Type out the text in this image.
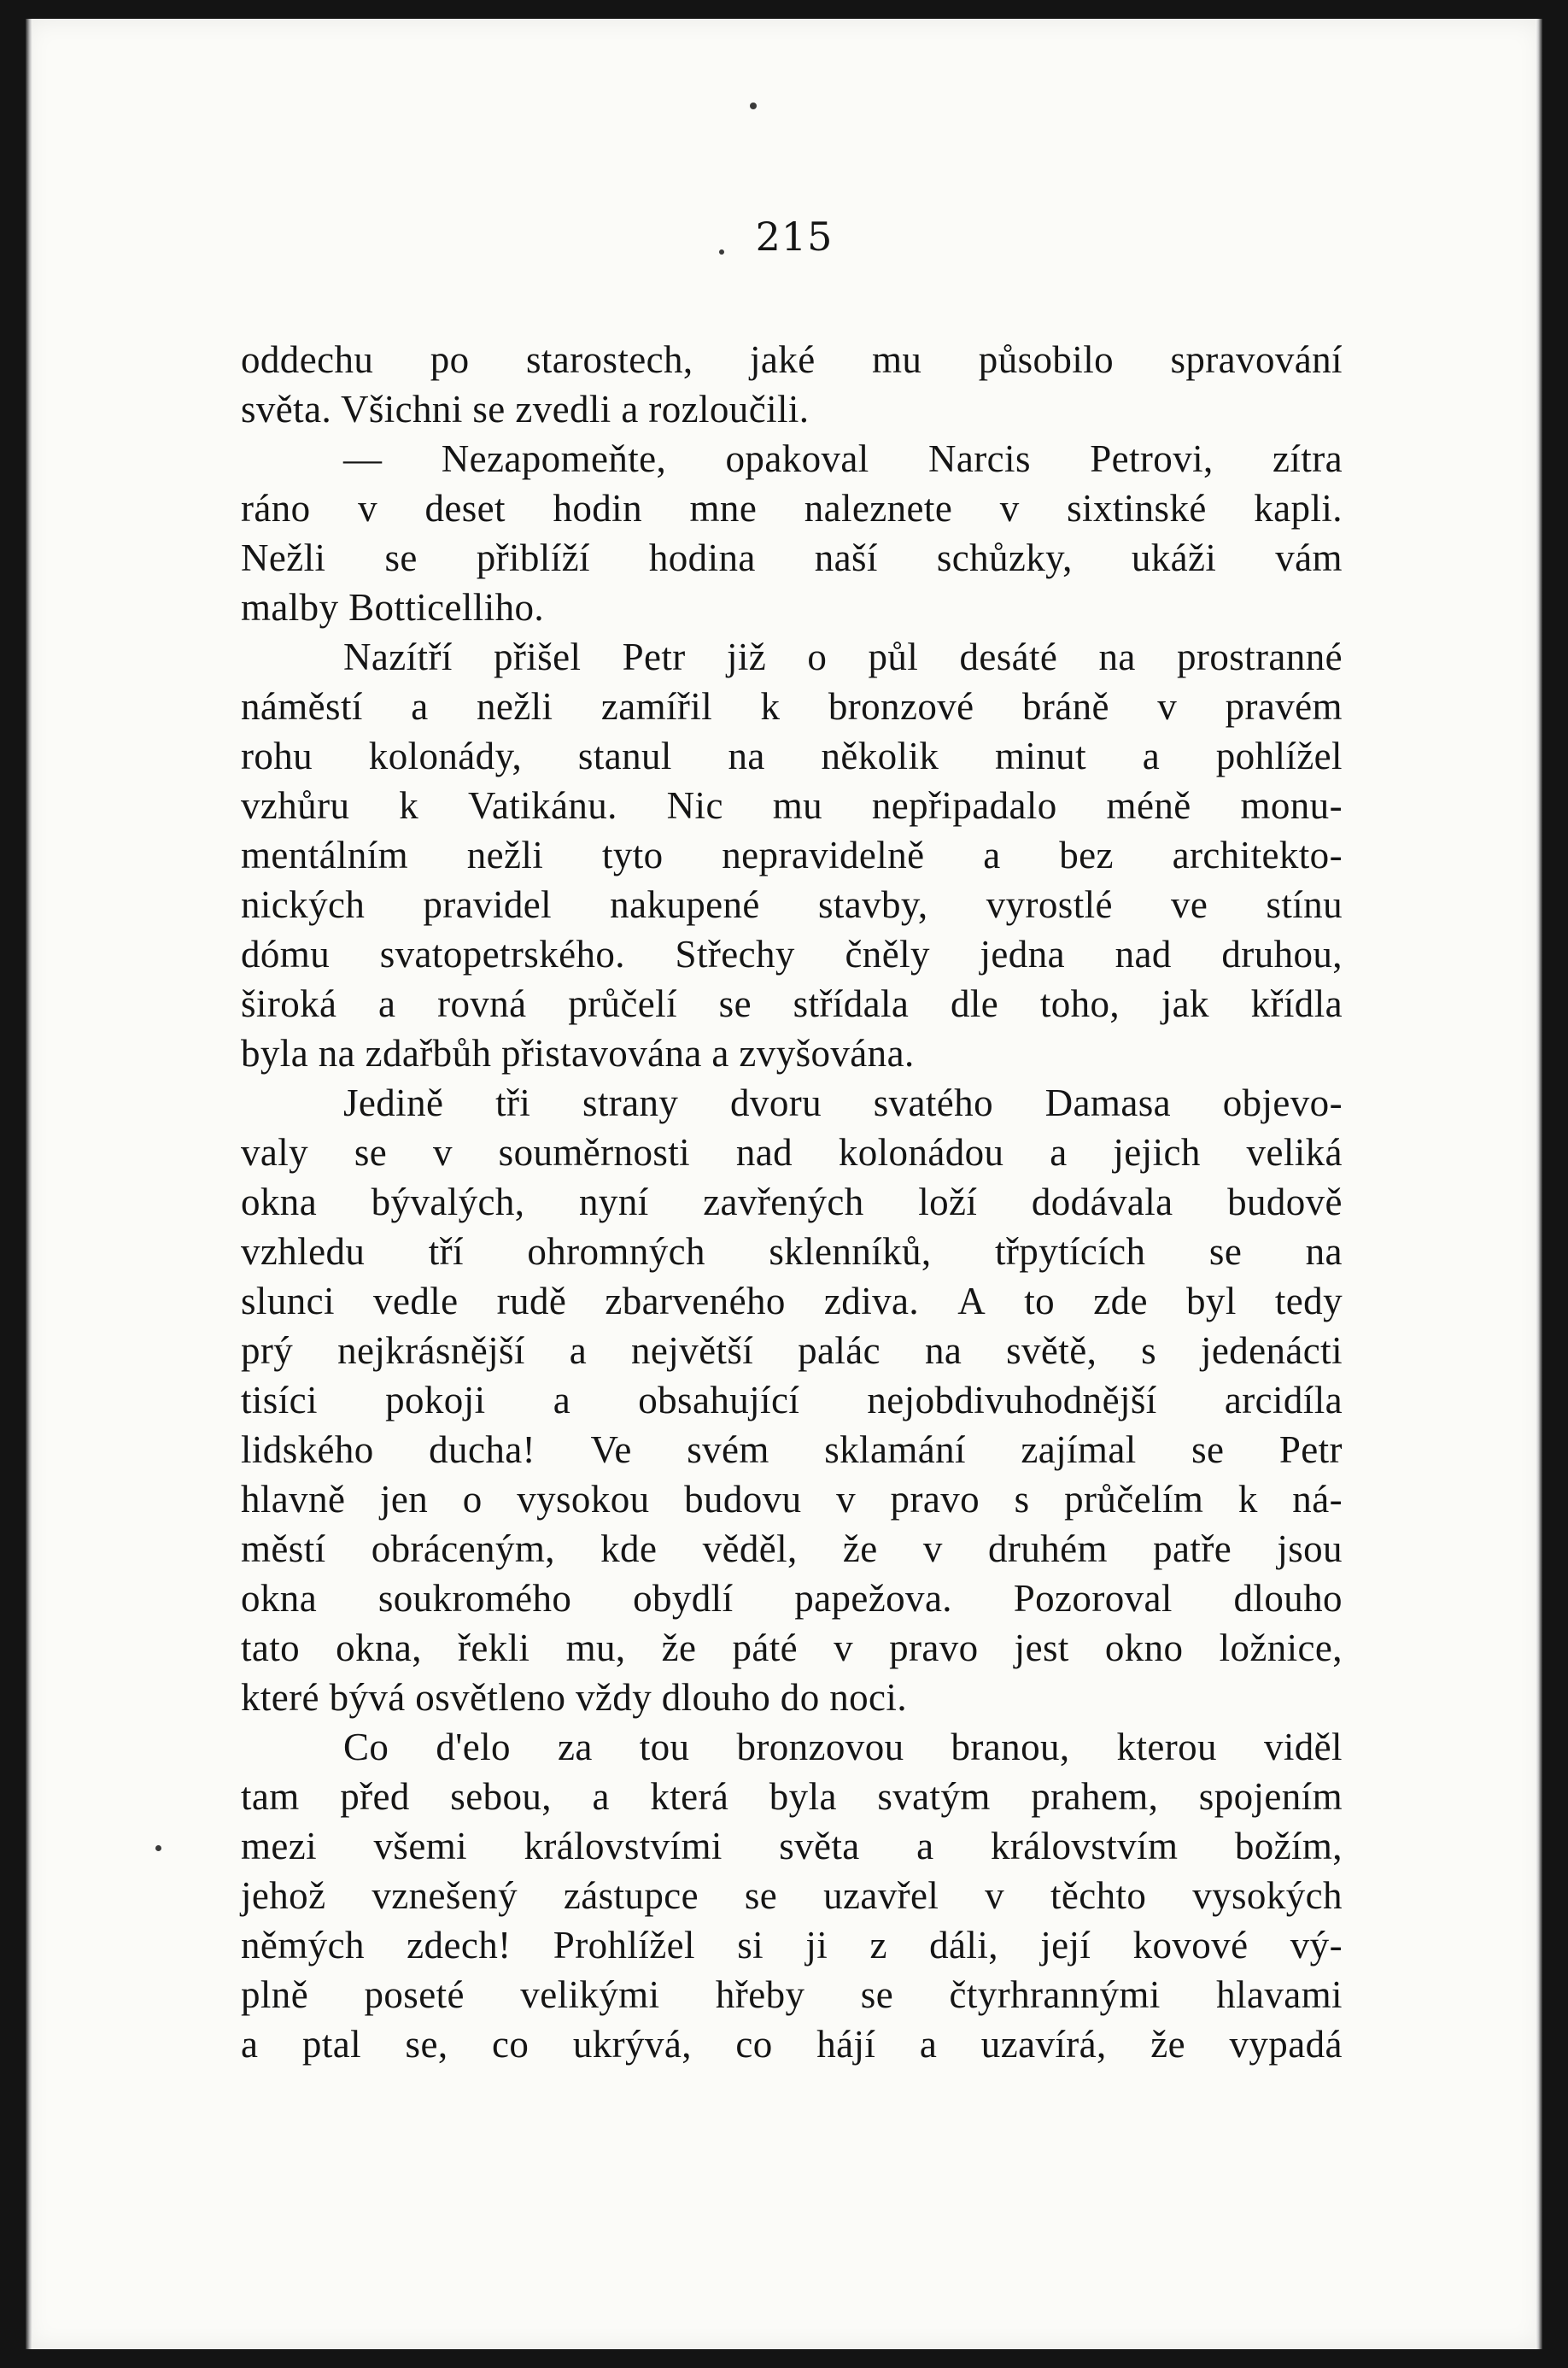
215
oddechu po starostech, jaké mu působilo spravování
světa. Všichni se zvedli a rozloučili.
— Nezapomeňte, opakoval Narcis Petrovi, zítra
ráno v deset hodin mne naleznete v sixtinské kapli.
Nežli se přiblíží hodina naší schůzky, ukáži vám
malby Botticelliho.
Nazítří přišel Petr již o půl desáté na prostranné
náměstí a nežli zamířil k bronzové bráně v pravém
rohu kolonády, stanul na několik minut a pohlížel
vzhůru k Vatikánu. Nic mu nepřipadalo méně monu-
mentálním nežli tyto nepravidelně a bez architekto-
nických pravidel nakupené stavby, vyrostlé ve stínu
dómu svatopetrského. Střechy čněly jedna nad druhou,
široká a rovná průčelí se střídala dle toho, jak křídla
byla na zdařbůh přistavována a zvyšována.
Jedině tři strany dvoru svatého Damasa objevo-
valy se v souměrnosti nad kolonádou a jejich veliká
okna bývalých, nyní zavřených loží dodávala budově
vzhledu tří ohromných sklenníků, třpytících se na
slunci vedle rudě zbarveného zdiva. A to zde byl tedy
prý nejkrásnější a největší palác na světě, s jedenácti
tisíci pokoji a obsahující nejobdivuhodnější arcidíla
lidského ducha! Ve svém sklamání zajímal se Petr
hlavně jen o vysokou budovu v pravo s průčelím k ná-
městí obráceným, kde věděl, že v druhém patře jsou
okna soukromého obydlí papežova. Pozoroval dlouho
tato okna, řekli mu, že páté v pravo jest okno ložnice,
které bývá osvětleno vždy dlouho do noci.
Co d'elo za tou bronzovou branou, kterou viděl
tam před sebou, a která byla svatým prahem, spojením
mezi všemi královstvími světa a královstvím božím,
jehož vznešený zástupce se uzavřel v těchto vysokých
němých zdech! Prohlížel si ji z dáli, její kovové vý-
plně poseté velikými hřeby se čtyrhrannými hlavami
a ptal se, co ukrývá, co hájí a uzavírá, že vypadá
